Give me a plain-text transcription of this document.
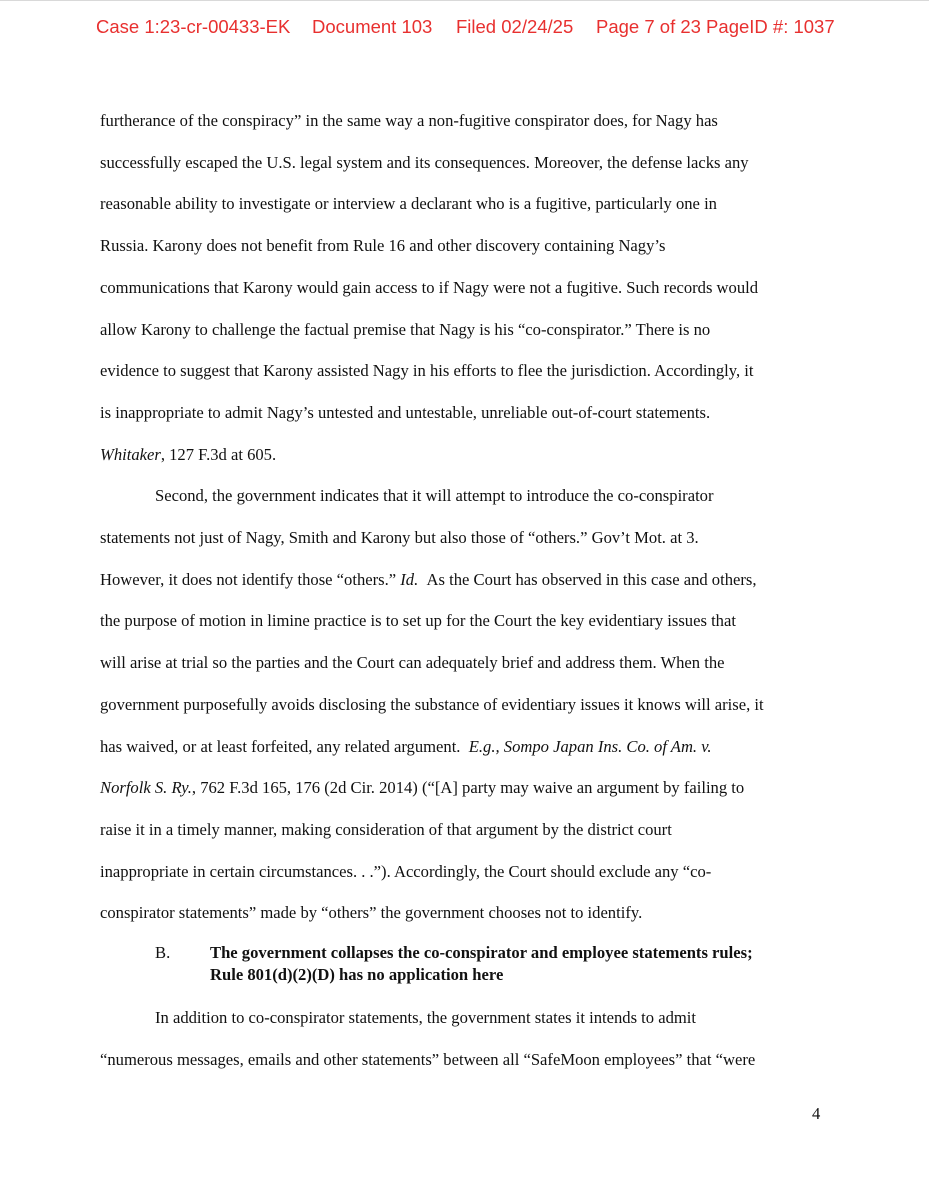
Case 1:23-cr-00433-EK Document 103 Filed 02/24/25 Page 7 of 23 PageID #: 1037

furtherance of the conspiracy” in the same way a non-fugitive conspirator does, for Nagy has

successfully escaped the U.S. legal system and its consequences. Moreover, the defense lacks any

reasonable ability to investigate or interview a declarant who is a fugitive, particularly one in

Russia. Karony does not benefit from Rule 16 and other discovery containing Nagy’s

communications that Karony would gain access to if Nagy were not a fugitive. Such records would

allow Karony to challenge the factual premise that Nagy is his “co-conspirator.” There is no

evidence to suggest that Karony assisted Nagy in his efforts to flee the jurisdiction. Accordingly, it

is inappropriate to admit Nagy’s untested and untestable, unreliable out-of-court statements.

Whitaker, 127 F.3d at 605.

Second, the government indicates that it will attempt to introduce the co-conspirator

statements not just of Nagy, Smith and Karony but also those of “others.” Gov’t Mot. at 3.

However, it does not identify those “others.” Id. As the Court has observed in this case and others,

the purpose of motion in limine practice is to set up for the Court the key evidentiary issues that

will arise at trial so the parties and the Court can adequately brief and address them. When the

government purposefully avoids disclosing the substance of evidentiary issues it knows will arise, it

has waived, or at least forfeited, any related argument. E.g., Sompo Japan Ins. Co. of Am. v.

Norfolk S. Ry., 762 F.3d 165, 176 (2d Cir. 2014) (“[A] party may waive an argument by failing to

raise it in a timely manner, making consideration of that argument by the district court

inappropriate in certain circumstances. . .”). Accordingly, the Court should exclude any “co-

conspirator statements” made by “others” the government chooses not to identify.

B. The government collapses the co-conspirator and employee statements rules;
Rule 801(d)(2)(D) has no application here

In addition to co-conspirator statements, the government states it intends to admit

“numerous messages, emails and other statements” between all “SafeMoon employees” that “were

4
